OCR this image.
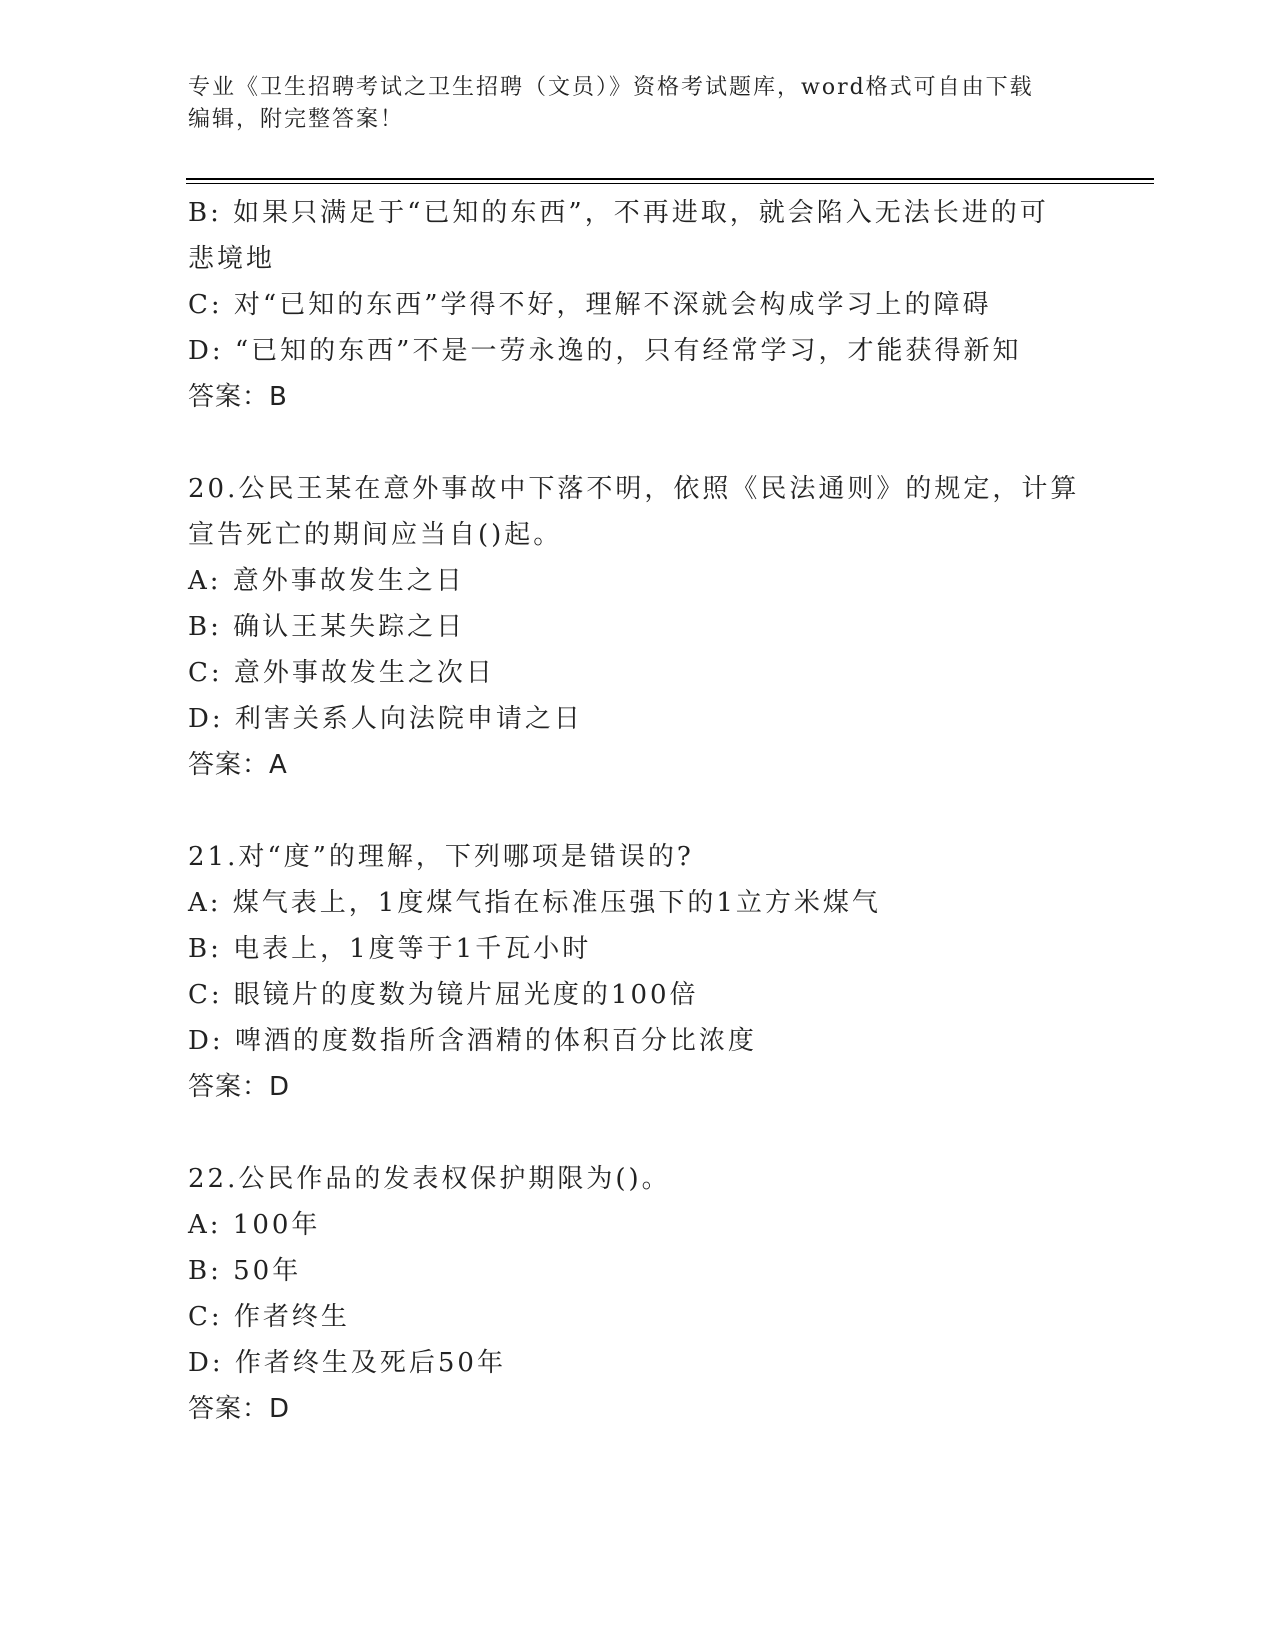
专业《卫生招聘考试之卫生招聘（文员）》资格考试题库，word格式可自由下载
编辑，附完整答案！
B: 如果只满足于“已知的东西”，不再进取，就会陷入无法长进的可
悲境地
C: 对“已知的东西”学得不好，理解不深就会构成学习上的障碍
D: “已知的东西”不是一劳永逸的，只有经常学习，才能获得新知
答案：B
20.公民王某在意外事故中下落不明，依照《民法通则》的规定，计算
宣告死亡的期间应当自()起。
A: 意外事故发生之日
B: 确认王某失踪之日
C: 意外事故发生之次日
D: 利害关系人向法院申请之日
答案：A
21.对“度”的理解，下列哪项是错误的?
A: 煤气表上，1度煤气指在标准压强下的1立方米煤气
B: 电表上，1度等于1千瓦小时
C: 眼镜片的度数为镜片屈光度的100倍
D: 啤酒的度数指所含酒精的体积百分比浓度
答案：D
22.公民作品的发表权保护期限为()。
A: 100年
B: 50年
C: 作者终生
D: 作者终生及死后50年
答案：D
